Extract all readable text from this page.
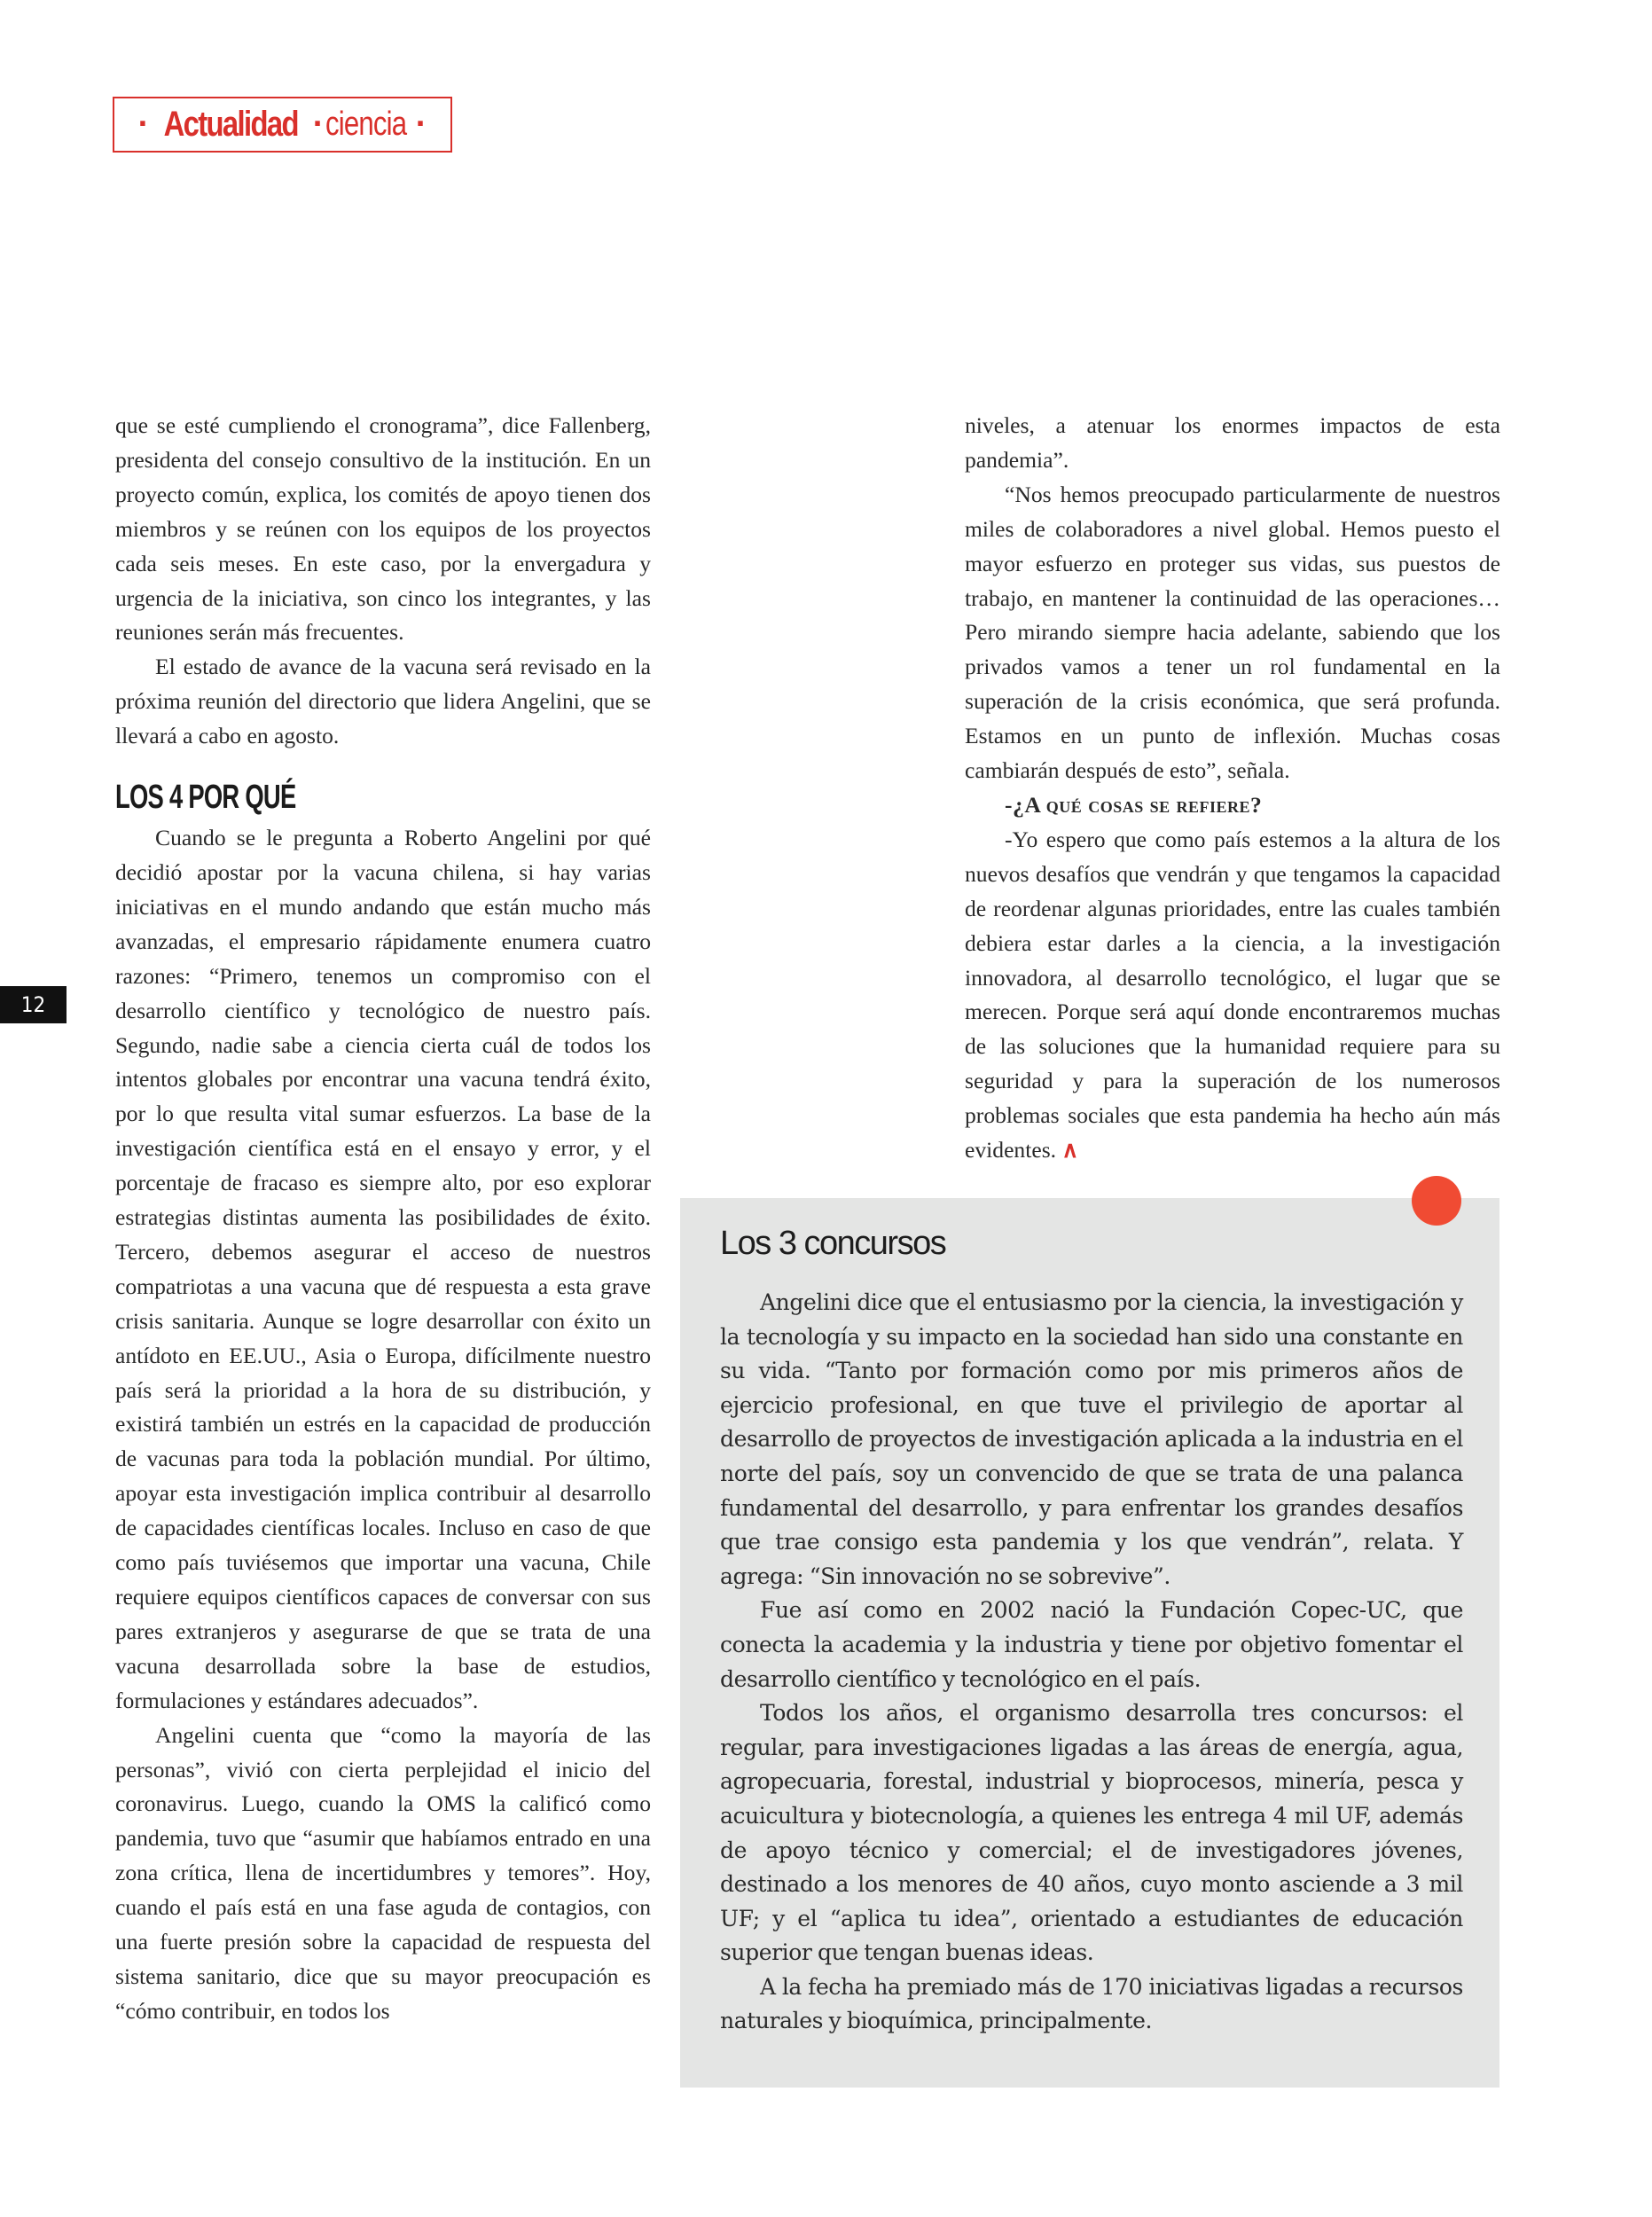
· Actualidad · ciencia ·
12

que se esté cumpliendo el cronograma”, dice Fallenberg, presidenta del consejo consultivo de la institución. En un proyecto común, explica, los comités de apoyo tienen dos miembros y se reúnen con los equipos de los proyectos cada seis meses. En este caso, por la envergadura y urgencia de la iniciativa, son cinco los integrantes, y las reuniones serán más frecuentes.

El estado de avance de la vacuna será revisado en la próxima reunión del directorio que lidera Angelini, que se llevará a cabo en agosto.

LOS 4 POR QUÉ

Cuando se le pregunta a Roberto Angelini por qué decidió apostar por la vacuna chilena, si hay varias iniciativas en el mundo andando que están mucho más avanzadas, el empresario rápidamente enumera cuatro razones: “Primero, tenemos un compromiso con el desarrollo científico y tecnológico de nuestro país. Segundo, nadie sabe a ciencia cierta cuál de todos los intentos globales por encontrar una vacuna tendrá éxito, por lo que resulta vital sumar esfuerzos. La base de la investigación científica está en el ensayo y error, y el porcentaje de fracaso es siempre alto, por eso explorar estrategias distintas aumenta las posibilidades de éxito. Tercero, debemos asegurar el acceso de nuestros compatriotas a una vacuna que dé respuesta a esta grave crisis sanitaria. Aunque se logre desarrollar con éxito un antídoto en EE.UU., Asia o Europa, difícilmente nuestro país será la prioridad a la hora de su distribución, y existirá también un estrés en la capacidad de producción de vacunas para toda la población mundial. Por último, apoyar esta investigación implica contribuir al desarrollo de capacidades científicas locales. Incluso en caso de que como país tuviésemos que importar una vacuna, Chile requiere equipos científicos capaces de conversar con sus pares extranjeros y asegurarse de que se trata de una vacuna desarrollada sobre la base de estudios, formulaciones y estándares adecuados”.

Angelini cuenta que “como la mayoría de las personas”, vivió con cierta perplejidad el inicio del coronavirus. Luego, cuando la OMS la calificó como pandemia, tuvo que “asumir que habíamos entrado en una zona crítica, llena de incertidumbres y temores”. Hoy, cuando el país está en una fase aguda de contagios, con una fuerte presión sobre la capacidad de respuesta del sistema sanitario, dice que su mayor preocupación es “cómo contribuir, en todos los

niveles, a atenuar los enormes impactos de esta pandemia”.

“Nos hemos preocupado particularmente de nuestros miles de colaboradores a nivel global. Hemos puesto el mayor esfuerzo en proteger sus vidas, sus puestos de trabajo, en mantener la continuidad de las operaciones… Pero mirando siempre hacia adelante, sabiendo que los privados vamos a tener un rol fundamental en la superación de la crisis económica, que será profunda. Estamos en un punto de inflexión. Muchas cosas cambiarán después de esto”, señala.

-¿A qué cosas se refiere?

-Yo espero que como país estemos a la altura de los nuevos desafíos que vendrán y que tengamos la capacidad de reordenar algunas prioridades, entre las cuales también debiera estar darles a la ciencia, a la investigación innovadora, al desarrollo tecnológico, el lugar que se merecen. Porque será aquí donde encontraremos muchas de las soluciones que la humanidad requiere para su seguridad y para la superación de los numerosos problemas sociales que esta pandemia ha hecho aún más evidentes. ∧

Los 3 concursos

Angelini dice que el entusiasmo por la ciencia, la investigación y la tecnología y su impacto en la sociedad han sido una constante en su vida. “Tanto por formación como por mis primeros años de ejercicio profesional, en que tuve el privilegio de aportar al desarrollo de proyectos de investigación aplicada a la industria en el norte del país, soy un convencido de que se trata de una palanca fundamental del desarrollo, y para enfrentar los grandes desafíos que trae consigo esta pandemia y los que vendrán”, relata. Y agrega: “Sin innovación no se sobrevive”.

Fue así como en 2002 nació la Fundación Copec-UC, que conecta la academia y la industria y tiene por objetivo fomentar el desarrollo científico y tecnológico en el país.

Todos los años, el organismo desarrolla tres concursos: el regular, para investigaciones ligadas a las áreas de energía, agua, agropecuaria, forestal, industrial y bioprocesos, minería, pesca y acuicultura y biotecnología, a quienes les entrega 4 mil UF, además de apoyo técnico y comercial; el de investigadores jóvenes, destinado a los menores de 40 años, cuyo monto asciende a 3 mil UF; y el “aplica tu idea”, orientado a estudiantes de educación superior que tengan buenas ideas.

A la fecha ha premiado más de 170 iniciativas ligadas a recursos naturales y bioquímica, principalmente.
